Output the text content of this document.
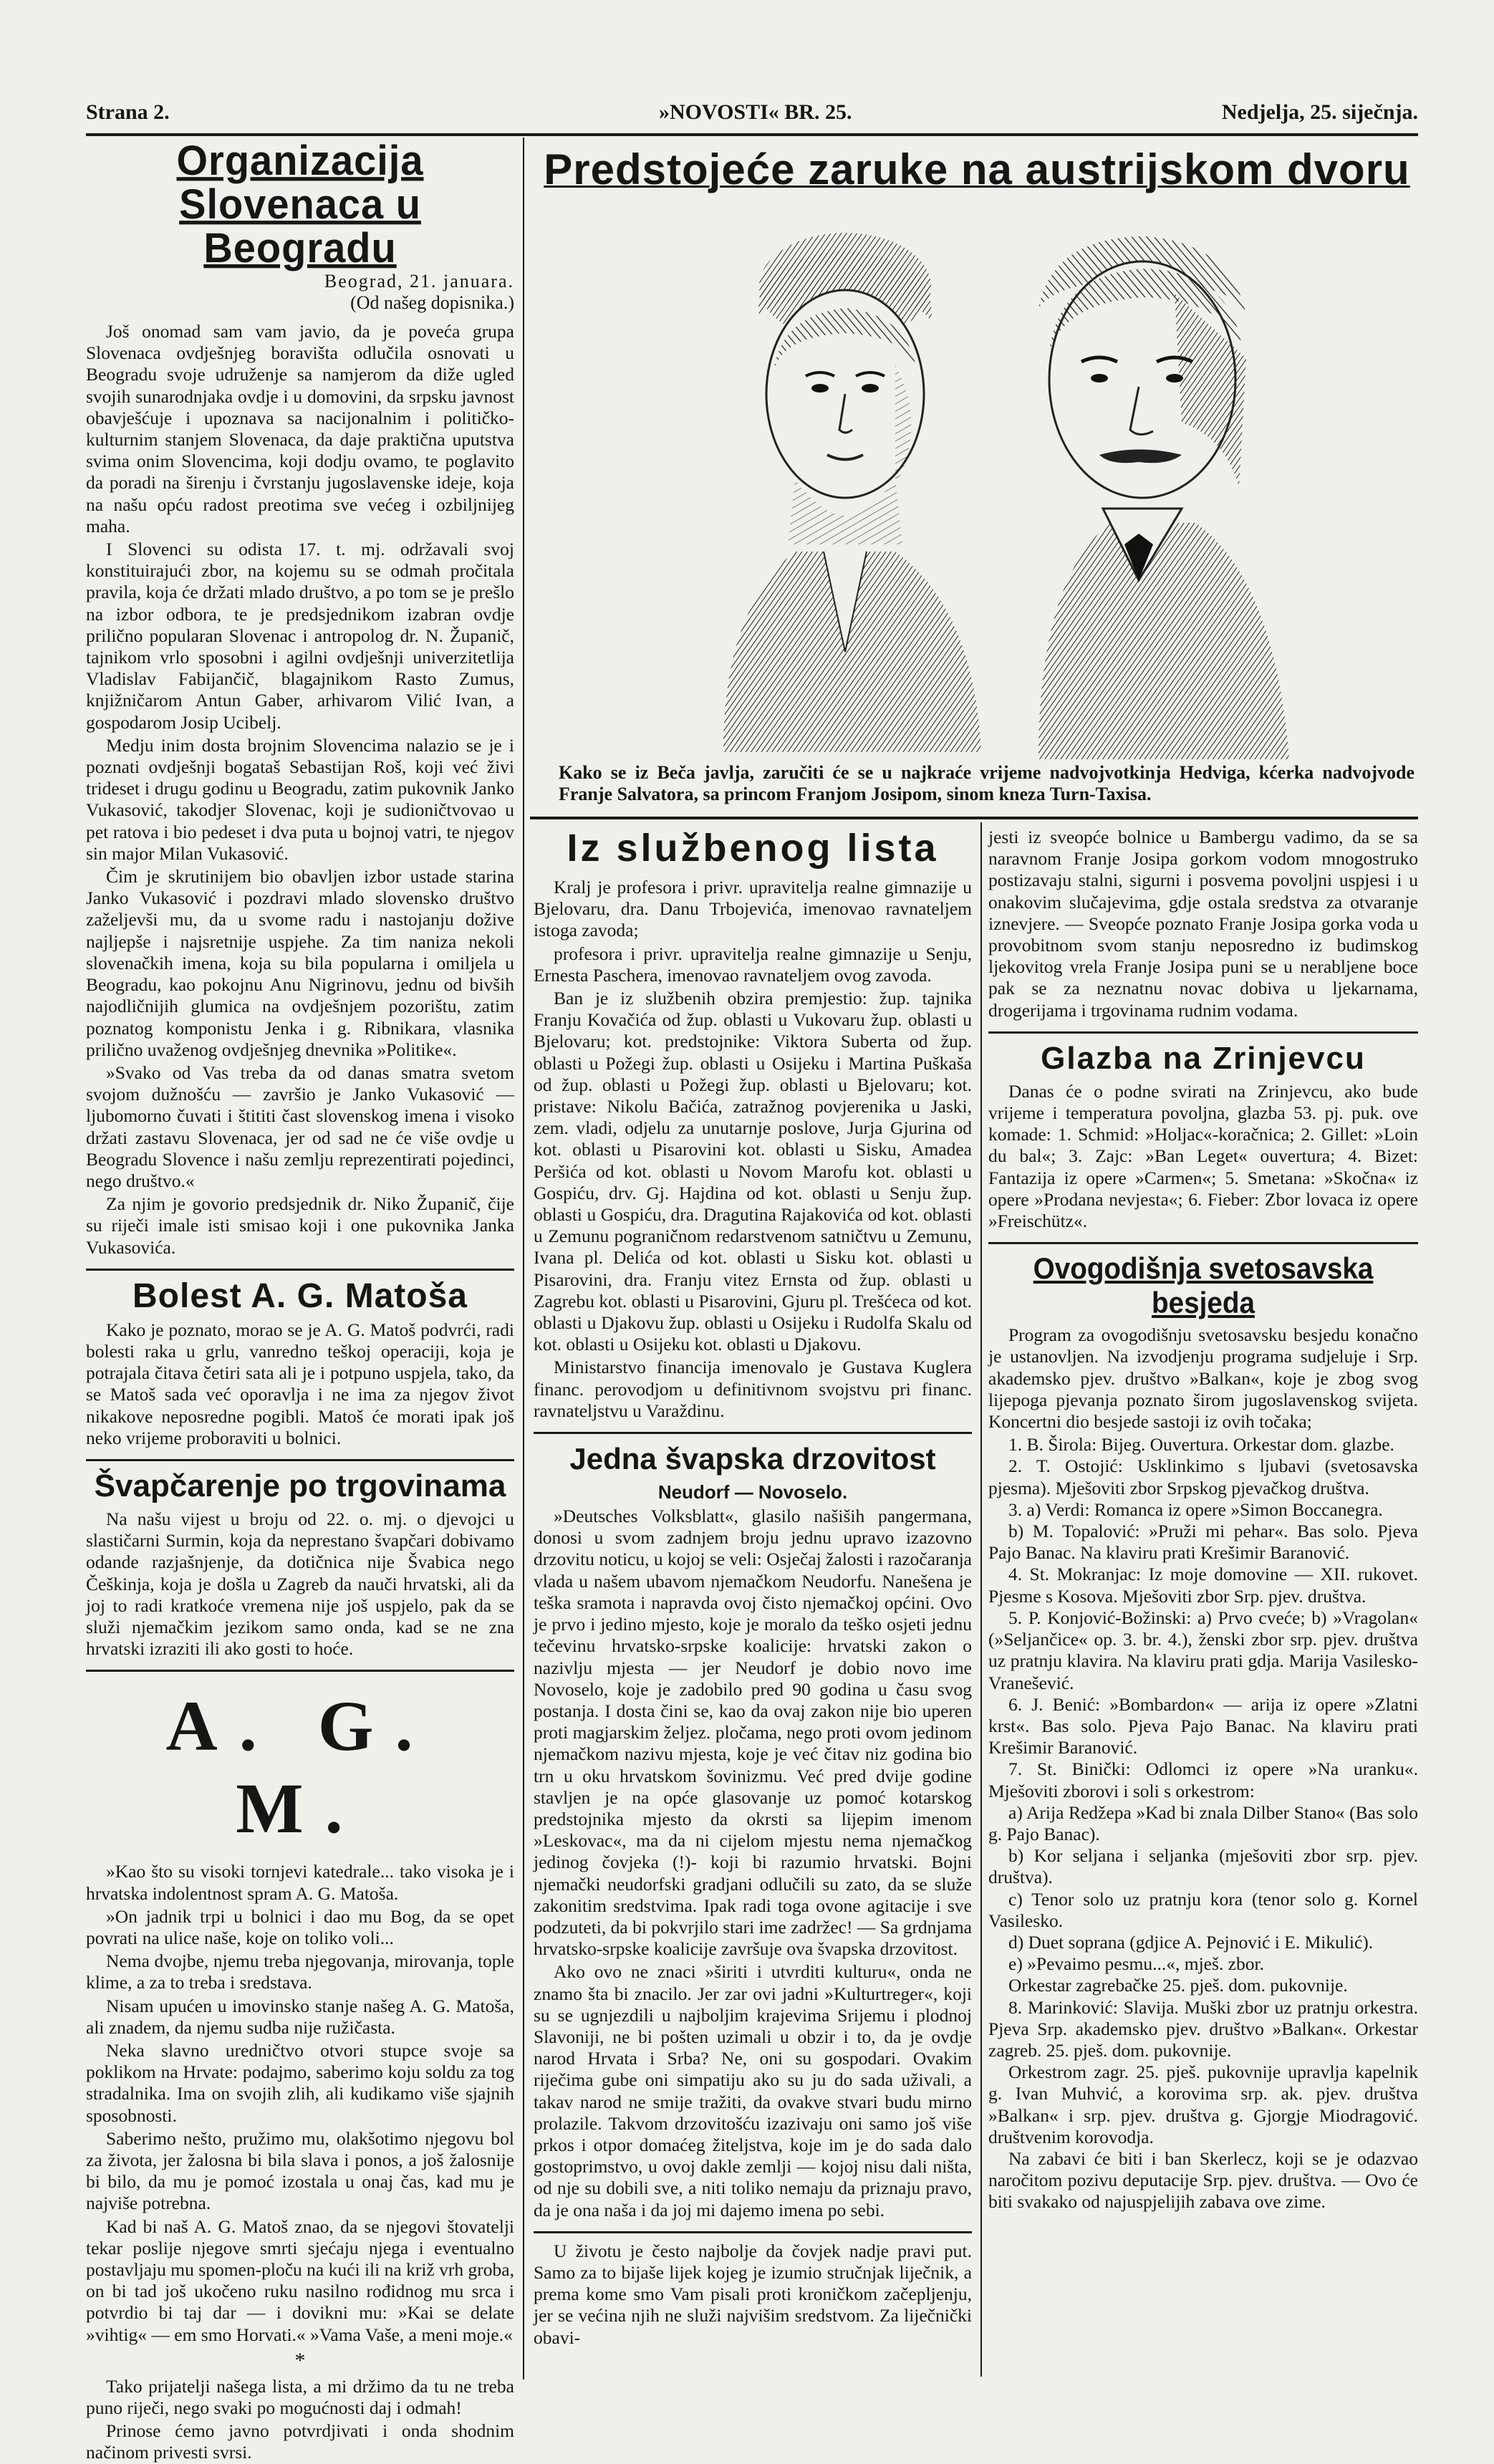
Strana 2.	»NOVOSTI« BR. 25.	Nedjelja, 25. siječnja.
Organizacija Slovenaca u Beogradu
Beograd, 21. januara.
(Od našeg dopisnika.)

Još onomad sam vam javio, da je poveća grupa Slovenaca ovdješnjeg boravišta odlučila osnovati u Beogradu svoje udruženje sa namjerom da diže ugled svojih sunarodnjaka ovdje i u domovini, da srpsku javnost obavješćuje i upoznava sa nacijonalnim i političko-kulturnim stanjem Slovenaca, da daje praktična uputstva svima onim Slovencima, koji dodju ovamo, te poglavito da poradi na širenju i čvrstanju jugoslavenske ideje, koja na našu opću radost preotima sve većeg i ozbiljnijeg maha.

I Slovenci su odista 17. t. mj. održavali svoj konstituirajući zbor, na kojemu su se odmah pročitala pravila, koja će držati mlado društvo, a po tom se je prešlo na izbor odbora, te je predsjednikom izabran ovdje prilično popularan Slovenac i antropolog dr. N. Županič, tajnikom vrlo sposobni i agilni ovdješnji univerzitetlija Vladislav Fabijančič, blagajnikom Rasto Zumus, knjižničarom Antun Gaber, arhivarom Vilić Ivan, a gospodarom Josip Ucibelj.

Medju inim dosta brojnim Slovencima nalazio se je i poznati ovdješnji bogataš Sebastijan Roš, koji već živi trideset i drugu godinu u Beogradu, zatim pukovnik Janko Vukasović, takodjer Slovenac, koji je sudioničtvovao u pet ratova i bio pedeset i dva puta u bojnoj vatri, te njegov sin major Milan Vukasović.

Čim je skrutinijem bio obavljen izbor ustade starina Janko Vukasović i pozdravi mlado slovensko društvo zaželjevši mu, da u svome radu i nastojanju dožive najljepše i najsretnije uspjehe. Za tim naniza nekoli slovenačkih imena, koja su bila popularna i omiljela u Beogradu, kao pokojnu Anu Nigrinovu, jednu od bivših najodličnijih glumica na ovdješnjem pozorištu, zatim poznatog komponistu Jenka i g. Ribnikara, vlasnika prilično uvaženog ovdješnjeg dnevnika »Politike«.

»Svako od Vas treba da od danas smatra svetom svojom dužnošću — završio je Janko Vukasović — ljubomorno čuvati i štititi čast slovenskog imena i visoko držati zastavu Slovenaca, jer od sad ne će više ovdje u Beogradu Slovence i našu zemlju reprezentirati pojedinci, nego društvo.«

Za njim je govorio predsjednik dr. Niko Županič, čije su riječi imale isti smisao koji i one pukovnika Janka Vukasovića.

Bolest A. G. Matoša

Kako je poznato, morao se je A. G. Matoš podvrći, radi bolesti raka u grlu, vanredno teškoj operaciji, koja je potrajala čitava četiri sata ali je i potpuno uspjela, tako, da se Matoš sada već oporavlja i ne ima za njegov život nikakove neposredne pogibli. Matoš će morati ipak još neko vrijeme proboraviti u bolnici.

Švapčarenje po trgovinama

Na našu vijest u broju od 22. o. mj. o djevojci u slastičarni Surmin, koja da neprestano švapčari dobivamo odande razjašnjenje, da dotičnica nije Švabica nego Češkinja, koja je došla u Zagreb da nauči hrvatski, ali da joj to radi kratkoće vremena nije još uspjelo, pak da se služi njemačkim jezikom samo onda, kad se ne zna hrvatski izraziti ili ako gosti to hoće.

A. G. M.

»Kao što su visoki tornjevi katedrale... tako visoka je i hrvatska indolentnost spram A. G. Matoša.

»On jadnik trpi u bolnici i dao mu Bog, da se opet povrati na ulice naše, koje on toliko voli...

Nema dvojbe, njemu treba njegovanja, mirovanja, tople klime, a za to treba i sredstava.

Nisam upućen u imovinsko stanje našeg A. G. Matoša, ali znadem, da njemu sudba nije ružičasta.

Neka slavno uredničtvo otvori stupce svoje sa poklikom na Hrvate: podajmo, saberimo koju soldu za tog stradalnika. Ima on svojih zlih, ali kudikamo više sjajnih sposobnosti.

Saberimo nešto, pružimo mu, olakšotimo njegovu bol za života, jer žalosna bi bila slava i ponos, a još žalosnije bi bilo, da mu je pomoć izostala u onaj čas, kad mu je najviše potrebna.

Kad bi naš A. G. Matoš znao, da se njegovi štovatelji tekar poslije njegove smrti sjećaju njega i eventualno postavljaju mu spomen-ploču na kući ili na križ vrh groba, on bi tad još ukočeno ruku nasilno rođidnog mu srca i potvrdio bi taj dar — i dovikni mu: »Kai se delate »vihtig« — em smo Horvati.« »Vama Vaše, a meni moje.«

*

Tako prijatelji našega lista, a mi držimo da tu ne treba puno riječi, nego svaki po mogućnosti daj i odmah!

Prinose ćemo javno potvrdjivati i onda shodnim načinom privesti svrsi.

Predstojeće zaruke na austrijskom dvoru
Kako se iz Beča javlja, zaručiti će se u najkraće vrijeme nadvojvotkinja Hedviga, kćerka nadvojvode Franje Salvatora, sa princom Franjom Josipom, sinom kneza Turn-Taxisa.
Iz službenog lista

Kralj je profesora i privr. upravitelja realne gimnazije u Bjelovaru, dra. Danu Trbojevića, imenovao ravnateljem istoga zavoda;

profesora i privr. upravitelja realne gimnazije u Senju, Ernesta Paschera, imenovao ravnateljem ovog zavoda.

Ban je iz službenih obzira premjestio: žup. tajnika Franju Kovačića od žup. oblasti u Vukovaru žup. oblasti u Bjelovaru; kot. predstojnike: Viktora Suberta od žup. oblasti u Požegi žup. oblasti u Osijeku i Martina Puškaša od žup. oblasti u Požegi žup. oblasti u Bjelovaru; kot. pristave: Nikolu Bačića, zatražnog povjerenika u Jaski, zem. vladi, odjelu za unutarnje poslove, Jurja Gjurina od kot. oblasti u Pisarovini kot. oblasti u Sisku, Amadea Peršića od kot. oblasti u Novom Marofu kot. oblasti u Gospiću, drv. Gj. Hajdina od kot. oblasti u Senju žup. oblasti u Gospiću, dra. Dragutina Rajakovića od kot. oblasti u Zemunu pograničnom redarstvenom satničtvu u Zemunu, Ivana pl. Delića od kot. oblasti u Sisku kot. oblasti u Pisarovini, dra. Franju vitez Ernsta od žup. oblasti u Zagrebu kot. oblasti u Pisarovini, Gjuru pl. Trešćeca od kot. oblasti u Djakovu žup. oblasti u Osijeku i Rudolfa Skalu od kot. oblasti u Osijeku kot. oblasti u Djakovu.

Ministarstvo financija imenovalo je Gustava Kuglera financ. perovodjom u definitivnom svojstvu pri financ. ravnateljstvu u Varaždinu.

Jedna švapska drzovitost
Neudorf — Novoselo.

»Deutsches Volksblatt«, glasilo našiših pangermana, donosi u svom zadnjem broju jednu upravo izazovno drzovitu noticu, u kojoj se veli: Osječaj žalosti i razočaranja vlada u našem ubavom njemačkom Neudorfu. Nanešena je teška sramota i napravda ovoj čisto njemačkoj općini. Ovo je prvo i jedino mjesto, koje je moralo da teško osjeti jednu tečevinu hrvatsko-srpske koalicije: hrvatski zakon o nazivlju mjesta — jer Neudorf je dobio novo ime Novoselo, koje je zadobilo pred 90 godina u času svog postanja. I dosta čini se, kao da ovaj zakon nije bio uperen proti magjarskim željez. pločama, nego proti ovom jedinom njemačkom nazivu mjesta, koje je već čitav niz godina bio trn u oku hrvatskom šovinizmu. Već pred dvije godine stavljen je na opće glasovanje uz pomoć kotarskog predstojnika mjesto da okrsti sa lijepim imenom »Leskovac«, ma da ni cijelom mjestu nema njemačkog jedinog čovjeka (!)- koji bi razumio hrvatski. Bojni njemački neudorfski gradjani odlučili su zato, da se služe zakonitim sredstvima. Ipak radi toga ovone agitacije i sve podzuteti, da bi pokvrjilo stari ime zadržec! — Sa grdnjama hrvatsko-srpske koalicije završuje ova švapska drzovitost.

Ako ovo ne znaci »širiti i utvrditi kulturu«, onda ne znamo šta bi znacilo. Jer zar ovi jadni »Kulturtreger«, koji su se ugnjezdili u najboljim krajevima Srijemu i plodnoj Slavoniji, ne bi pošten uzimali u obzir i to, da je ovdje narod Hrvata i Srba? Ne, oni su gospodari. Ovakim riječima gube oni simpatiju ako su ju do sada uživali, a takav narod ne smije tražiti, da ovakve stvari budu mirno prolazile. Takvom drzovitošću izazivaju oni samo još više prkos i otpor domaćeg žiteljstva, koje im je do sada dalo gostoprimstvo, u ovoj dakle zemlji — kojoj nisu dali ništa, od nje su dobili sve, a niti toliko nemaju da priznaju pravo, da je ona naša i da joj mi dajemo imena po sebi.

U životu je često najbolje da čovjek nadje pravi put. Samo za to bijaše lijek kojeg je izumio stručnjak liječnik, a prema kome smo Vam pisali proti kroničkom začepljenju, jer se većina njih ne služi najvišim sredstvom. Za liječnički obavi-

jesti iz sveopće bolnice u Bambergu vadimo, da se sa naravnom Franje Josipa gorkom vodom mnogostruko postizavaju stalni, sigurni i posvema povoljni uspjesi i u onakovim slučajevima, gdje ostala sredstva za otvaranje iznevjere. — Sveopće poznato Franje Josipa gorka voda u provobitnom svom stanju neposredno iz budimskog ljekovitog vrela Franje Josipa puni se u nerabljene boce pak se za neznatnu novac dobiva u ljekarnama, drogerijama i trgovinama rudnim vodama.

Glazba na Zrinjevcu

Danas će o podne svirati na Zrinjevcu, ako bude vrijeme i temperatura povoljna, glazba 53. pj. puk. ove komade: 1. Schmid: »Holjac«-koračnica; 2. Gillet: »Loin du bal«; 3. Zajc: »Ban Leget« ouvertura; 4. Bizet: Fantazija iz opere »Carmen«; 5. Smetana: »Skočna« iz opere »Prodana nevjesta«; 6. Fieber: Zbor lovaca iz opere »Freischütz«.

Ovogodišnja svetosavska besjeda

Program za ovogodišnju svetosavsku besjedu konačno je ustanovljen. Na izvodjenju programa sudjeluje i Srp. akademsko pjev. društvo »Balkan«, koje je zbog svog lijepoga pjevanja poznato širom jugoslavenskog svijeta. Koncertni dio besjede sastoji iz ovih točaka;

1. B. Širola: Bijeg. Ouvertura. Orkestar dom. glazbe.

2. T. Ostojić: Usklinkimo s ljubavi (svetosavska pjesma). Mješoviti zbor Srpskog pjevačkog društva.

3. a) Verdi: Romanca iz opere »Simon Boccanegra.

b) M. Topalović: »Pruži mi pehar«. Bas solo. Pjeva Pajo Banac. Na klaviru prati Krešimir Baranović.

4. St. Mokranjac: Iz moje domovine — XII. rukovet. Pjesme s Kosova. Mješoviti zbor Srp. pjev. društva.

5. P. Konjović-Božinski: a) Prvo cveće; b) »Vragolan« (»Seljančice« op. 3. br. 4.), ženski zbor srp. pjev. društva uz pratnju klavira. Na klaviru prati gdja. Marija Vasilesko-Vranešević.

6. J. Benić: »Bombardon« — arija iz opere »Zlatni krst«. Bas solo. Pjeva Pajo Banac. Na klaviru prati Krešimir Baranović.

7. St. Binički: Odlomci iz opere »Na uranku«. Mješoviti zborovi i soli s orkestrom:

a) Arija Redžepa »Kad bi znala Dilber Stano« (Bas solo g. Pajo Banac).

b) Kor seljana i seljanka (mješoviti zbor srp. pjev. društva).

c) Tenor solo uz pratnju kora (tenor solo g. Kornel Vasilesko.

d) Duet soprana (gdjice A. Pejnović i E. Mikulić).

e) »Pevaimo pesmu...«, mješ. zbor.

Orkestar zagrebačke 25. pješ. dom. pukovnije.

8. Marinković: Slavija. Muški zbor uz pratnju orkestra. Pjeva Srp. akademsko pjev. društvo »Balkan«. Orkestar zagreb. 25. pješ. dom. pukovnije.

Orkestrom zagr. 25. pješ. pukovnije upravlja kapelnik g. Ivan Muhvić, a korovima srp. ak. pjev. društva »Balkan« i srp. pjev. društva g. Gjorgje Miodragović. društvenim korovodja.

Na zabavi će biti i ban Skerlecz, koji se je odazvao naročitom pozivu deputacije Srp. pjev. društva. — Ovo će biti svakako od najuspjelijih zabava ove zime.
